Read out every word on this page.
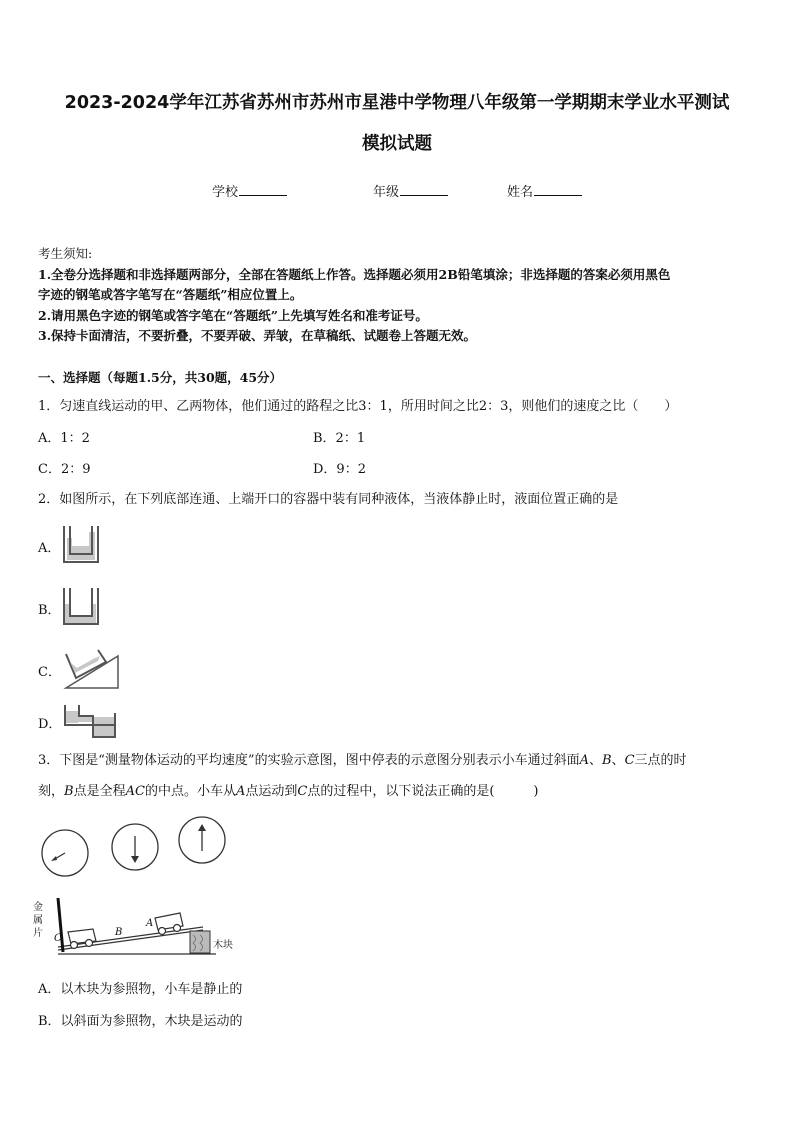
2023-2024学年江苏省苏州市苏州市星港中学物理八年级第一学期期末学业水平测试
模拟试题
学校	年级	姓名
考生须知:
1.全卷分选择题和非选择题两部分，全部在答题纸上作答。选择题必须用2B铅笔填涂；非选择题的答案必须用黑色
字迹的钢笔或答字笔写在“答题纸”相应位置上。
2.请用黑色字迹的钢笔或答字笔在“答题纸”上先填写姓名和准考证号。
3.保持卡面清洁，不要折叠，不要弄破、弄皱，在草稿纸、试题卷上答题无效。
一、选择题（每题1.5分，共30题，45分）
1．匀速直线运动的甲、乙两物体，他们通过的路程之比3：1，所用时间之比2：3，则他们的速度之比（　　）
A．1：2	B．2：1
C．2：9	D．9：2
2．如图所示，在下列底部连通、上端开口的容器中装有同种液体，当液体静止时，液面位置正确的是
A．
B．
C．
D．
3．下图是“测量物体运动的平均速度”的实验示意图，图中停表的示意图分别表示小车通过斜面A、B、C三点的时
刻，B点是全程AC的中点。小车从A点运动到C点的过程中，以下说法正确的是(　　　)
金
属
片 C
B
A
木块
A．以木块为参照物，小车是静止的
B．以斜面为参照物，木块是运动的
